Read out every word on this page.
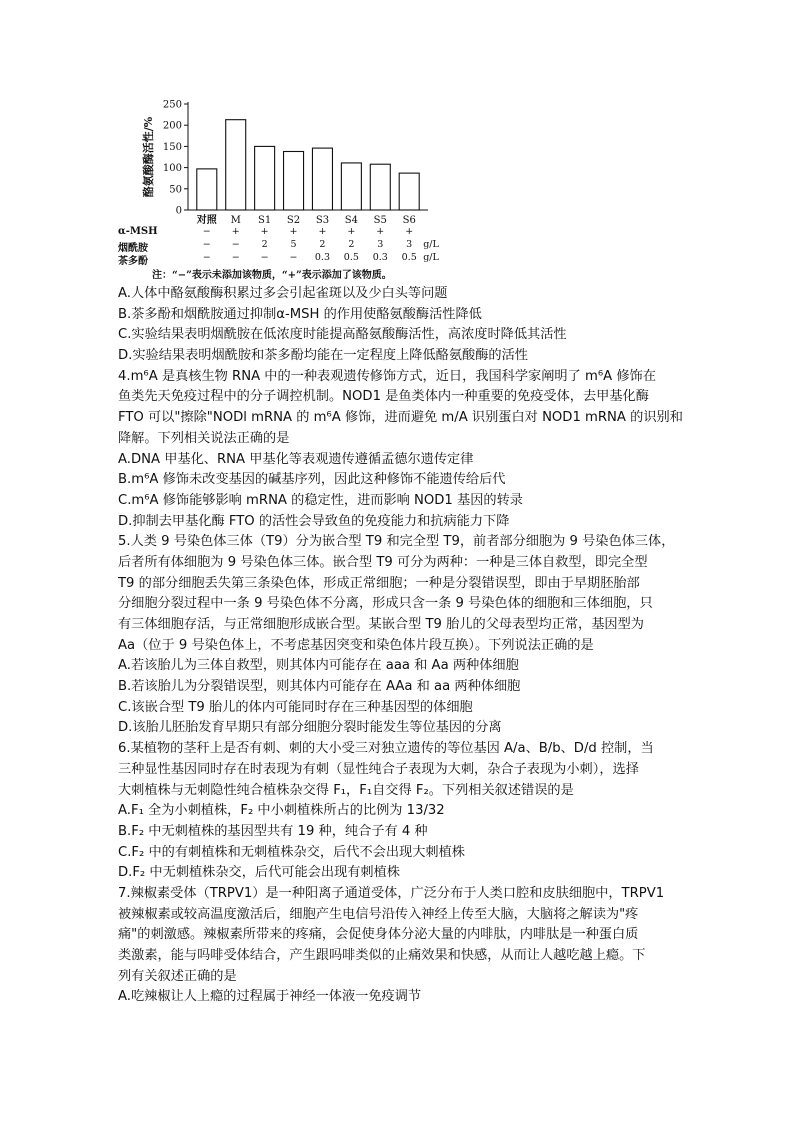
0
50
100
150
200
250
酪氨酸酶活性/%
对照 M S1 S2 S3 S4 S5 S6
α-MSH	−	+	+	+	+	+	+	+
烟酰胺	−	−	2	5	2	2	3	3	g/L
茶多酚	−	−	−	−	0.3 0.5 0.3 0.5 g/L
注：“−”表示未添加该物质，“+”表示添加了该物质。
A.人体中酪氨酸酶积累过多会引起雀斑以及少白头等问题
B.茶多酚和烟酰胺通过抑制α-MSH 的作用使酪氨酸酶活性降低
C.实验结果表明烟酰胺在低浓度时能提高酪氨酸酶活性，高浓度时降低其活性
D.实验结果表明烟酰胺和茶多酚均能在一定程度上降低酪氨酸酶的活性
4.m⁶A 是真核生物 RNA 中的一种表观遗传修饰方式，近日，我国科学家阐明了 m⁶A 修饰在
鱼类先天免疫过程中的分子调控机制。NOD1 是鱼类体内一种重要的免疫受体，去甲基化酶
FTO 可以"擦除"NODl mRNA 的 m⁶A 修饰，进而避免 m/A 识别蛋白对 NOD1 mRNA 的识别和
降解。下列相关说法正确的是
A.DNA 甲基化、RNA 甲基化等表观遗传遵循孟德尔遗传定律
B.m⁶A 修饰未改变基因的碱基序列，因此这种修饰不能遗传给后代
C.m⁶A 修饰能够影响 mRNA 的稳定性，进而影响 NOD1 基因的转录
D.抑制去甲基化酶 FTO 的活性会导致鱼的免疫能力和抗病能力下降
5.人类 9 号染色体三体（T9）分为嵌合型 T9 和完全型 T9，前者部分细胞为 9 号染色体三体，
后者所有体细胞为 9 号染色体三体。嵌合型 T9 可分为两种：一种是三体自救型，即完全型
T9 的部分细胞丢失第三条染色体，形成正常细胞；一种是分裂错误型，即由于早期胚胎部
分细胞分裂过程中一条 9 号染色体不分离，形成只含一条 9 号染色体的细胞和三体细胞，只
有三体细胞存活，与正常细胞形成嵌合型。某嵌合型 T9 胎儿的父母表型均正常，基因型为
Aa（位于 9 号染色体上，不考虑基因突变和染色体片段互换）。下列说法正确的是
A.若该胎儿为三体自救型，则其体内可能存在 aaa 和 Aa 两种体细胞
B.若该胎儿为分裂错误型，则其体内可能存在 AAa 和 aa 两种体细胞
C.该嵌合型 T9 胎儿的体内可能同时存在三种基因型的体细胞
D.该胎儿胚胎发育早期只有部分细胞分裂时能发生等位基因的分离
6.某植物的茎秆上是否有刺、刺的大小受三对独立遗传的等位基因 A/a、B/b、D/d 控制，当
三种显性基因同时存在时表现为有刺（显性纯合子表现为大刺，杂合子表现为小刺），选择
大刺植株与无刺隐性纯合植株杂交得 F₁，F₁自交得 F₂。下列相关叙述错误的是
A.F₁ 全为小刺植株，F₂ 中小刺植株所占的比例为 13/32
B.F₂ 中无刺植株的基因型共有 19 种，纯合子有 4 种
C.F₂ 中的有刺植株和无刺植株杂交，后代不会出现大刺植株
D.F₂ 中无刺植株杂交，后代可能会出现有刺植株
7.辣椒素受体（TRPV1）是一种阳离子通道受体，广泛分布于人类口腔和皮肤细胞中，TRPV1
被辣椒素或较高温度激活后，细胞产生电信号沿传入神经上传至大脑，大脑将之解读为"疼
痛"的刺激感。辣椒素所带来的疼痛，会促使身体分泌大量的内啡肽，内啡肽是一种蛋白质
类激素，能与吗啡受体结合，产生跟吗啡类似的止痛效果和快感，从而让人越吃越上瘾。下
列有关叙述正确的是
A.吃辣椒让人上瘾的过程属于神经一体液一免疫调节
